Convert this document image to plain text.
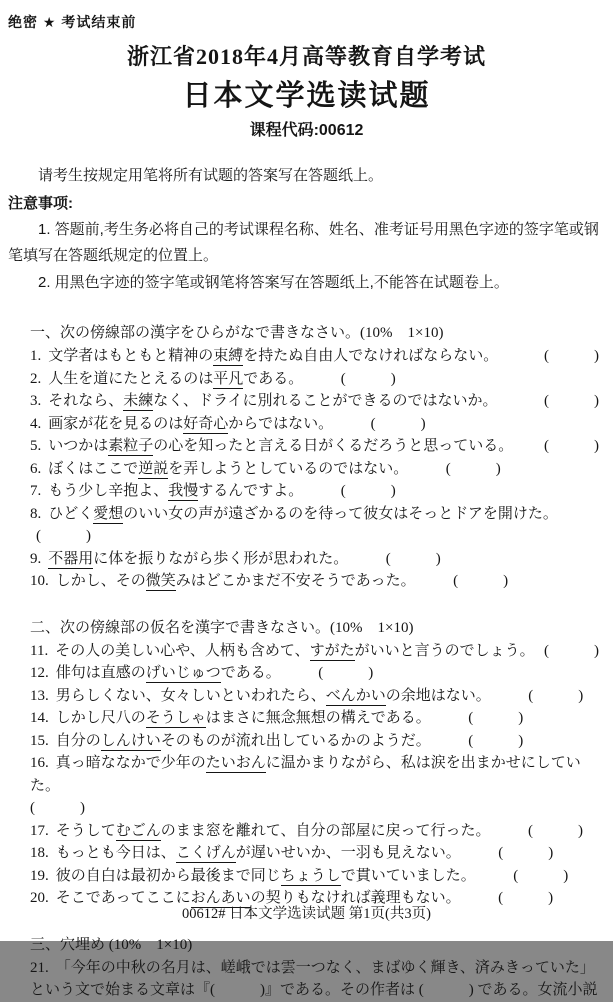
绝密 ★ 考试结束前
浙江省2018年4月高等教育自学考试
日本文学选读试题
课程代码:00612
请考生按规定用笔将所有试题的答案写在答题纸上。
注意事项:
1. 答题前,考生务必将自己的考试课程名称、姓名、准考证号用黑色字迹的签字笔或钢笔填写在答题纸规定的位置上。
2. 用黑色字迹的签字笔或钢笔将答案写在答题纸上,不能答在试题卷上。
一、次の傍線部の漢字をひらがなで書きなさい。(10%　1×10)
1. 文学者はもともと精神の束縛を持たぬ自由人でなければならない。	(　　　)
2. 人生を道にたとえるのは平凡である。	(　　　)
3. それなら、未練なく、ドライに別れることができるのではないか。	(　　　)
4. 画家が花を見るのは好奇心からではない。	(　　　)
5. いつかは素粒子の心を知ったと言える日がくるだろうと思っている。 (　　　)
6. ぼくはここで逆説を弄しようとしているのではない。	(　　　)
7. もう少し辛抱よ、我慢するんですよ。	(　　　)
8. ひどく愛想のいい女の声が遠ざかるのを待って彼女はそっとドアを開けた。(　　　)
9. 不器用に体を振りながら歩く形が思われた。	(　　　)
10. しかし、その微笑みはどこかまだ不安そうであった。	(　　　)
二、次の傍線部の仮名を漢字で書きなさい。(10%　1×10)
11. その人の美しい心や、人柄も含めて、すがたがいいと言うのでしょう。 (　　　)
12. 俳句は直感のげいじゅつである。	(　　　)
13. 男らしくない、女々しいといわれたら、べんかいの余地はない。	(　　　)
14. しかし尺八のそうしゃはまさに無念無想の構えである。	(　　　)
15. 自分のしんけいそのものが流れ出しているかのようだ。	(　　　)
16. 真っ暗ななかで少年のたいおんに温かまりながら、私は涙を出まかせにしていた。
(　　　)
17. そうしてむごんのまま窓を離れて、自分の部屋に戻って行った。	(　　　)
18. もっとも今日は、こくげんが遅いせいか、一羽も見えない。	(　　　)
19. 彼の自白は最初から最後まで同じちょうしで貫いていました。	(　　　)
20. そこであってここにおんあいの契りもなければ義理もない。	(　　　)
三、穴埋め (10%　1×10)
21. 「今年の中秋の名月は、嵯峨では雲一つなく、まばゆく輝き、済みきっていた」という文で始まる文章は『(　　　)』である。その作者は (　　　) である。女流小説
00612# 日本文学选读试题 第1页(共3页)
